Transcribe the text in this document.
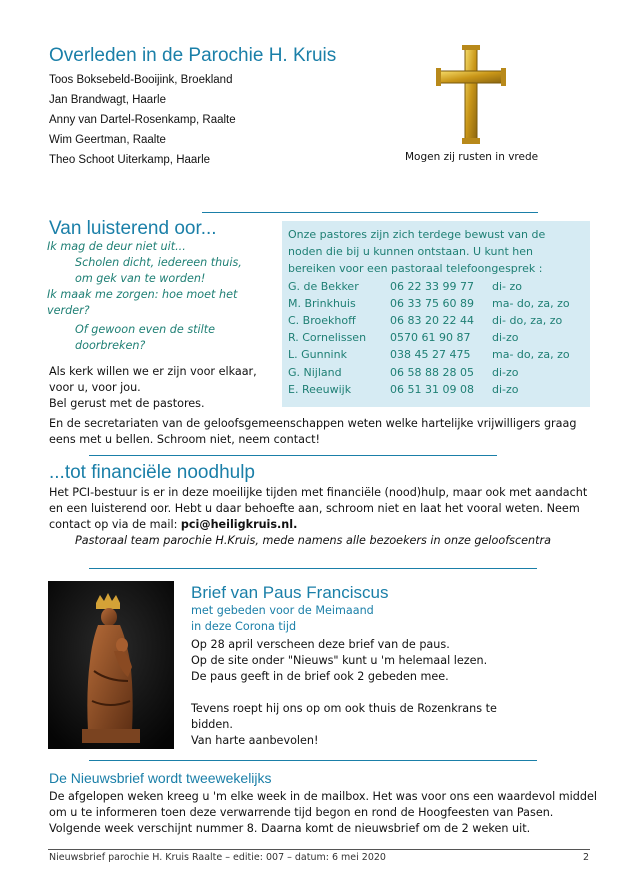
Overleden in de Parochie H. Kruis
Toos Boksebeld-Booijink, Broekland
Jan Brandwagt, Haarle
Anny van Dartel-Rosenkamp, Raalte
Wim Geertman, Raalte
Theo Schoot Uiterkamp, Haarle	Mogen zij rusten in vrede
Van luisterend oor...
Ik mag de deur niet uit...
Scholen dicht, iedereen thuis,
om gek van te worden!
Ik maak me zorgen: hoe moet het
verder?
Of gewoon even de stilte
doorbreken?
Als kerk willen we er zijn voor elkaar,
voor u, voor jou.
Bel gerust met de pastores.
Onze pastores zijn zich terdege bewust van de
noden die bij u kunnen ontstaan. U kunt hen
bereiken voor een pastoraal telefoongesprek :
G. de Bekker	06 22 33 99 77 di- zo
M. Brinkhuis	06 33 75 60 89 ma- do, za, zo
C. Broekhoff	06 83 20 22 44 di- do, za, zo
R. Cornelissen 0570 61 90 87 di-zo
L. Gunnink	038 45 27 475 ma- do, za, zo
G. Nijland	06 58 88 28 05 di-zo
E. Reeuwijk	06 51 31 09 08 di-zo
En de secretariaten van de geloofsgemeenschappen weten welke hartelijke vrijwilligers graag
eens met u bellen. Schroom niet, neem contact!
...tot financiële noodhulp
Het PCI-bestuur is er in deze moeilijke tijden met financiële (nood)hulp, maar ook met aandacht
en een luisterend oor. Hebt u daar behoefte aan, schroom niet en laat het vooral weten. Neem
contact op via de mail: pci@heiligkruis.nl.
Pastoraal team parochie H.Kruis, mede namens alle bezoekers in onze geloofscentra
Brief van Paus Franciscus
met gebeden voor de Meimaand
in deze Corona tijd
Op 28 april verscheen deze brief van de paus.
Op de site onder "Nieuws" kunt u 'm helemaal lezen.
De paus geeft in de brief ook 2 gebeden mee.
Tevens roept hij ons op om ook thuis de Rozenkrans te
bidden.
Van harte aanbevolen!
De Nieuwsbrief wordt tweewekelijks
De afgelopen weken kreeg u 'm elke week in de mailbox. Het was voor ons een waardevol middel
om u te informeren toen deze verwarrende tijd begon en rond de Hoogfeesten van Pasen.
Volgende week verschijnt nummer 8. Daarna komt de nieuwsbrief om de 2 weken uit.
Nieuwsbrief parochie H. Kruis Raalte – editie: 007 – datum: 6 mei 2020	2
